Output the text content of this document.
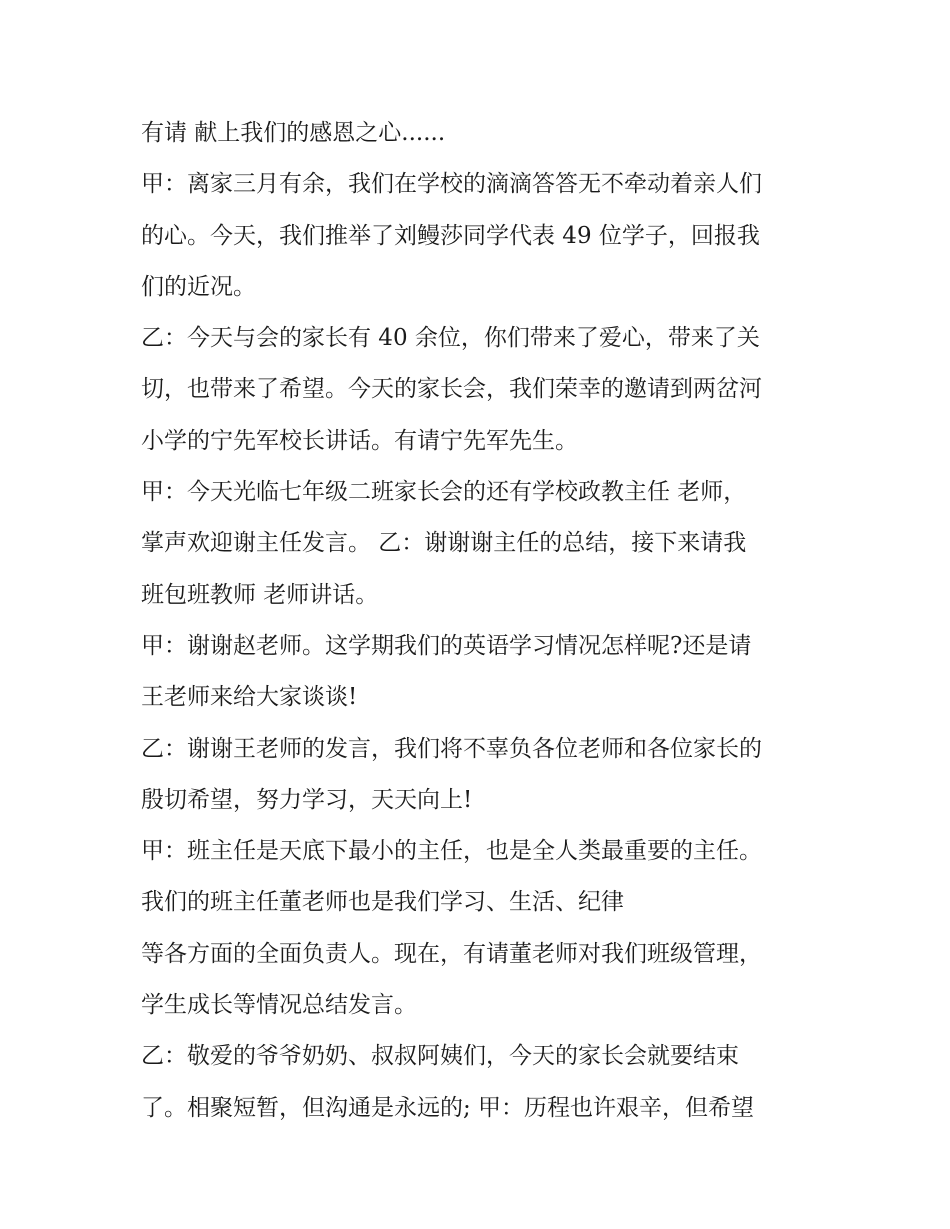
有请 献上我们的感恩之心......
甲：离家三月有余，我们在学校的滴滴答答无不牵动着亲人们
的心。今天，我们推举了刘鳗莎同学代表 49 位学子，回报我
们的近况。
乙：今天与会的家长有 40 余位，你们带来了爱心，带来了关
切，也带来了希望。今天的家长会，我们荣幸的邀请到两岔河
小学的宁先军校长讲话。有请宁先军先生。
甲：今天光临七年级二班家长会的还有学校政教主任 老师，
掌声欢迎谢主任发言。 乙：谢谢谢主任的总结，接下来请我
班包班教师 老师讲话。
甲：谢谢赵老师。这学期我们的英语学习情况怎样呢?还是请
王老师来给大家谈谈!
乙：谢谢王老师的发言，我们将不辜负各位老师和各位家长的
殷切希望，努力学习，天天向上!
甲：班主任是天底下最小的主任，也是全人类最重要的主任。
我们的班主任董老师也是我们学习、生活、纪律
等各方面的全面负责人。现在，有请董老师对我们班级管理，
学生成长等情况总结发言。
乙：敬爱的爷爷奶奶、叔叔阿姨们，今天的家长会就要结束
了。相聚短暂，但沟通是永远的; 甲：历程也许艰辛，但希望
